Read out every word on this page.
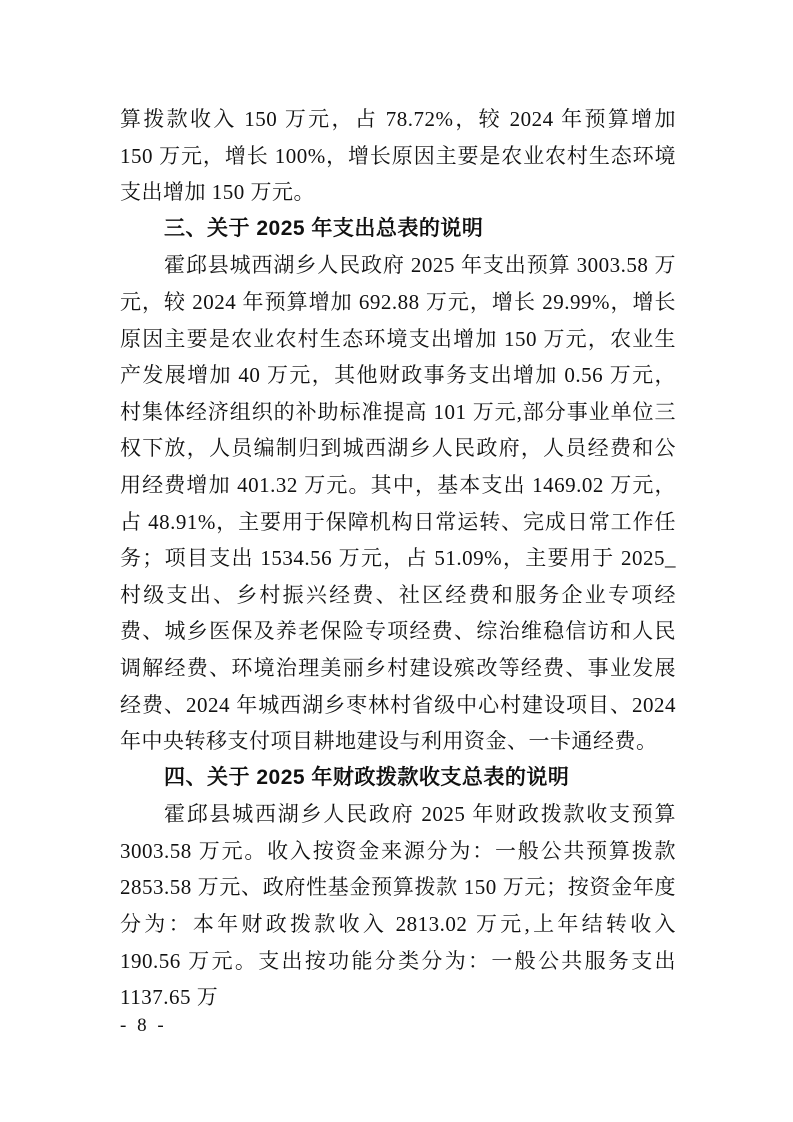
算拨款收入 150 万元，占 78.72%，较 2024 年预算增加 150 万元，增长 100%，增长原因主要是农业农村生态环境支出增加 150 万元。

三、关于 2025 年支出总表的说明

霍邱县城西湖乡人民政府 2025 年支出预算 3003.58 万元，较 2024 年预算增加 692.88 万元，增长 29.99%，增长原因主要是农业农村生态环境支出增加 150 万元，农业生产发展增加 40 万元，其他财政事务支出增加 0.56 万元，村集体经济组织的补助标准提高 101 万元,部分事业单位三权下放，人员编制归到城西湖乡人民政府，人员经费和公用经费增加 401.32 万元。其中，基本支出 1469.02 万元，占 48.91%，主要用于保障机构日常运转、完成日常工作任务；项目支出 1534.56 万元，占 51.09%，主要用于 2025_村级支出、乡村振兴经费、社区经费和服务企业专项经费、城乡医保及养老保险专项经费、综治维稳信访和人民调解经费、环境治理美丽乡村建设殡改等经费、事业发展经费、2024 年城西湖乡枣林村省级中心村建设项目、2024 年中央转移支付项目耕地建设与利用资金、一卡通经费。

四、关于 2025 年财政拨款收支总表的说明

霍邱县城西湖乡人民政府 2025 年财政拨款收支预算 3003.58 万元。收入按资金来源分为：一般公共预算拨款 2853.58 万元、政府性基金预算拨款 150 万元；按资金年度分为：本年财政拨款收入 2813.02 万元,上年结转收入 190.56 万元。支出按功能分类分为：一般公共服务支出 1137.65 万

- 8 -
